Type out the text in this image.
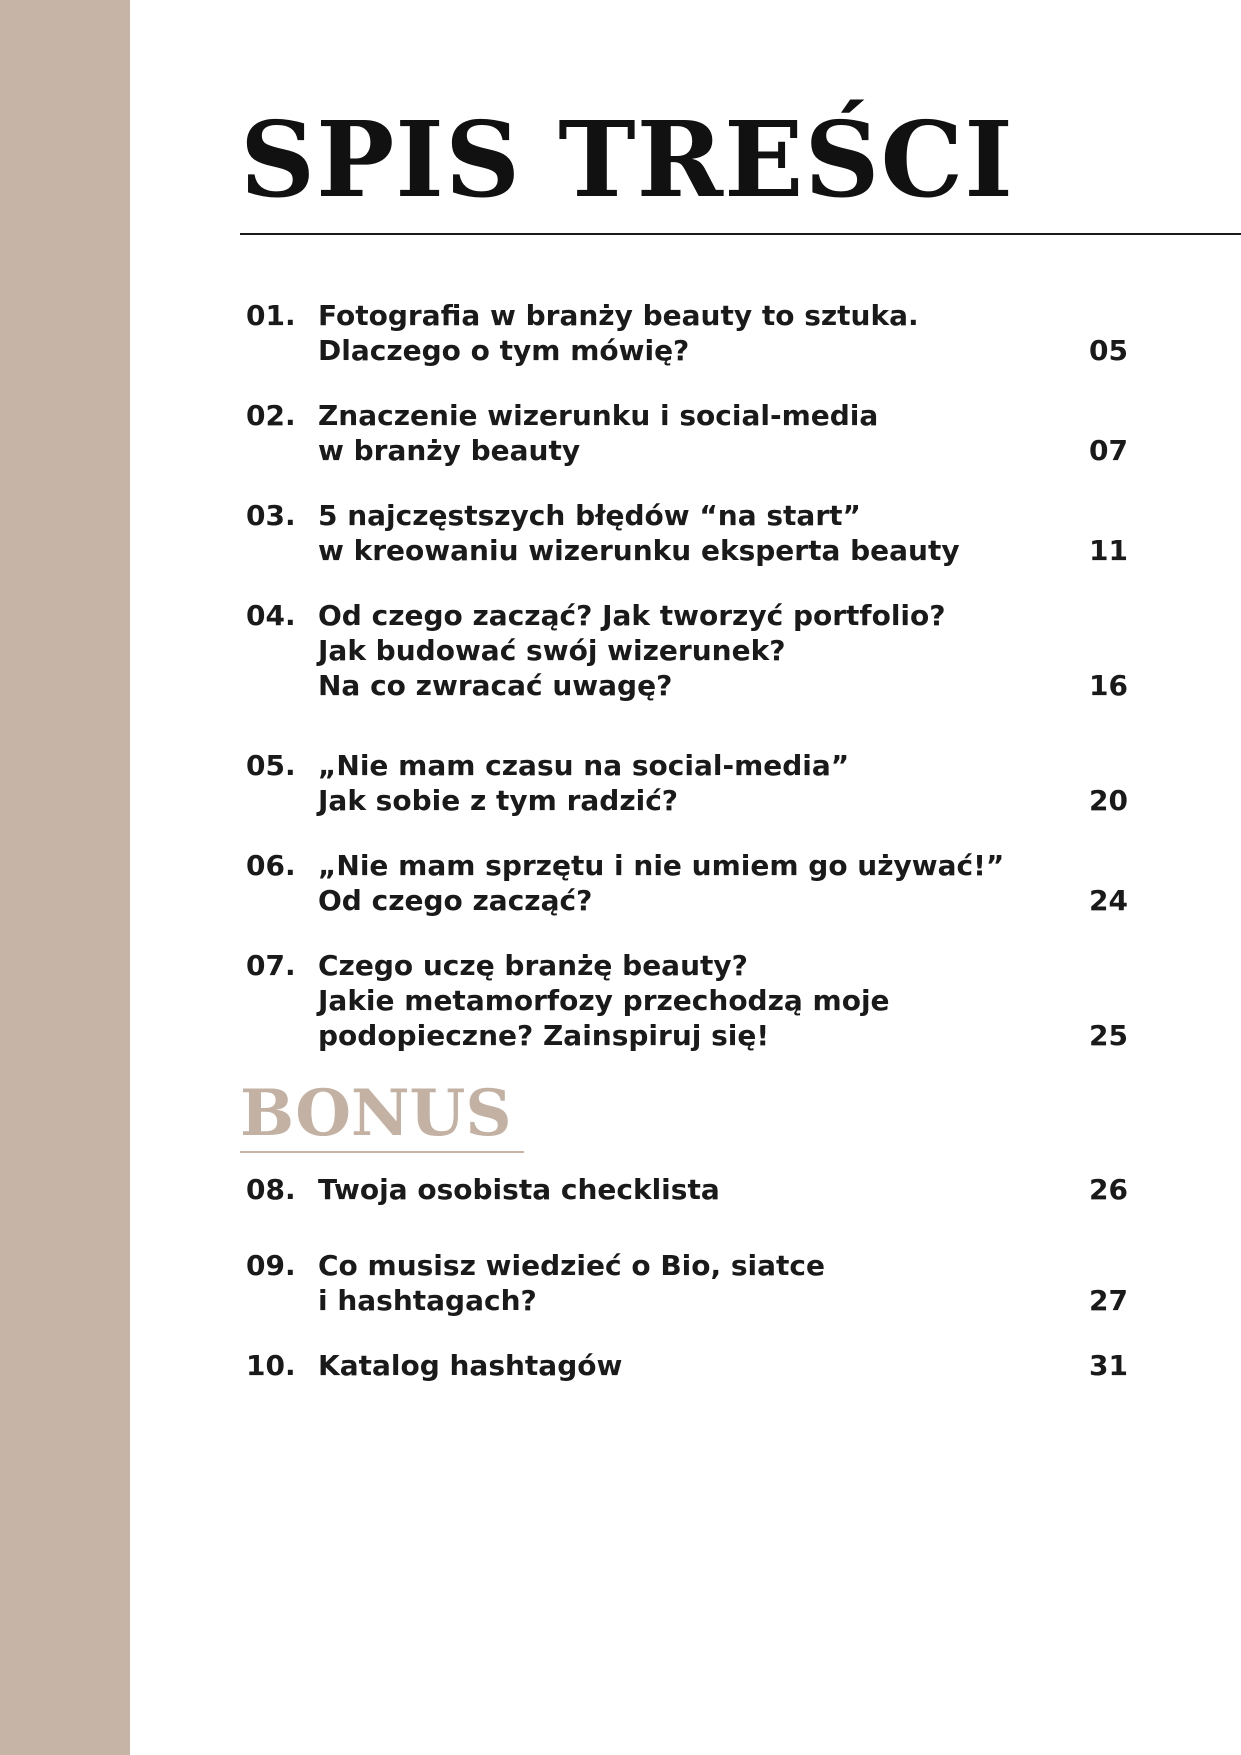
SPIS TREŚCI
01. Fotografia w branży beauty to sztuka.
Dlaczego o tym mówię?	05
02. Znaczenie wizerunku i social-media
w branży beauty	07
03. 5 najczęstszych błędów “na start”
w kreowaniu wizerunku eksperta beauty	11
04. Od czego zacząć? Jak tworzyć portfolio?
Jak budować swój wizerunek?
Na co zwracać uwagę?	16
05. „Nie mam czasu na social-media”
Jak sobie z tym radzić?	20
06. „Nie mam sprzętu i nie umiem go używać!”
Od czego zacząć?	24
07. Czego uczę branżę beauty?
Jakie metamorfozy przechodzą moje
podopieczne? Zainspiruj się!	25
BONUS
08. Twoja osobista checklista	26
09. Co musisz wiedzieć o Bio, siatce
i hashtagach?	27
10. Katalog hashtagów	31
